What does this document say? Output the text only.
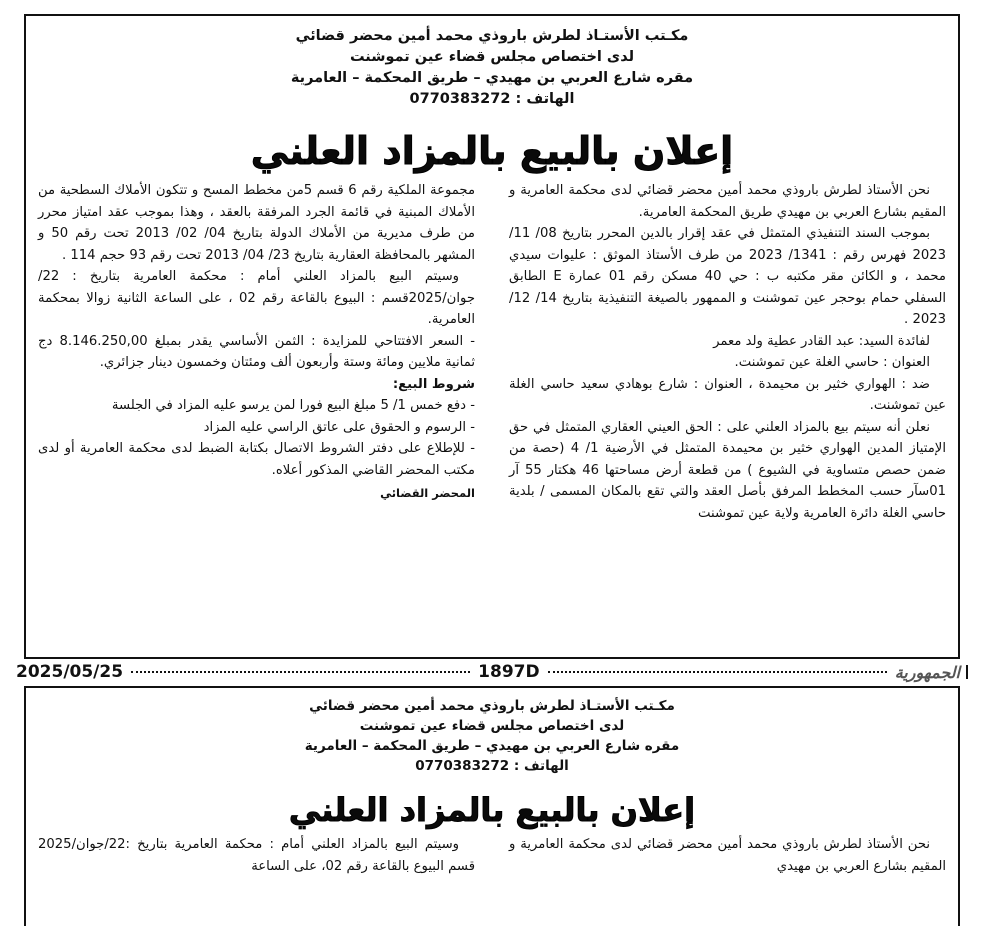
مكـتب الأستـاذ لطرش باروذي محمد أمين محضر قضائي
لدى اختصاص مجلس قضاء عين تموشنت
مقره شارع العربي بن مهيدي – طريق المحكمة – العامرية
الهاتف : 0770383272
إعلان بالبيع بالمزاد العلني

نحن الأستاذ لطرش باروذي محمد أمين محضر قضائي لدى محكمة العامرية و المقيم بشارع العربي بن مهيدي طريق المحكمة العامرية.

بموجب السند التنفيذي المتمثل في عقد إقرار بالدين المحرر بتاريخ 08/ 11/ 2023 فهرس رقم : 1341/ 2023 من طرف الأستاذ الموثق : عليوات سيدي محمد ، و الكائن مقر مكتبه ب : حي 40 مسكن رقم 01 عمارة E الطابق السفلي حمام بوحجر عين تموشنت و الممهور بالصيغة التنفيذية بتاريخ 14/ 12/ 2023 .

لفائدة السيد: عبد القادر عطية ولد معمر

العنوان : حاسي الغلة عين تموشنت.

ضد : الهواري خثير بن محيمدة ، العنوان : شارع بوهادي سعيد حاسي الغلة عين تموشنت.

نعلن أنه سيتم بيع بالمزاد العلني على : الحق العيني العقاري المتمثل في حق الإمتياز المدين الهواري خثير بن محيمدة المتمثل في الأرضية 1/ 4 (حصة من ضمن حصص متساوية في الشيوع ) من قطعة أرض مساحتها 46 هكتار 55 آر 01سآر حسب المخطط المرفق بأصل العقد والتي تقع بالمكان المسمى / بلدية حاسي الغلة دائرة العامرية ولاية عين تموشنت

مجموعة الملكية رقم 6 قسم 5من مخطط المسح و تتكون الأملاك السطحية من الأملاك المبنية في قائمة الجرد المرفقة بالعقد ، وهذا بموجب عقد امتياز محرر من طرف مديرية من الأملاك الدولة بتاريخ 04/ 02/ 2013 تحت رقم 50 و المشهر بالمحافظة العقارية بتاريخ 23/ 04/ 2013 تحت رقم 93 حجم 114 .

وسيتم البيع بالمزاد العلني أمام : محكمة العامرية بتاريخ : 22/جوان/2025قسم : البيوع بالقاعة رقم 02 ، على الساعة الثانية زوالا بمحكمة العامرية.

- السعر الافتتاحي للمزايدة : الثمن الأساسي يقدر بمبلغ 8.146.250,00 دج ثمانية ملايين ومائة وستة وأربعون ألف ومئتان وخمسون دينار جزائري.

شروط البيع:

- دفع خمس 1/ 5 مبلغ البيع فورا لمن يرسو عليه المزاد في الجلسة

- الرسوم و الحقوق على عاتق الراسي عليه المزاد

- للإطلاع على دفتر الشروط الاتصال بكتابة الضبط لدى محكمة العامرية أو لدى مكتب المحضر القاضي المذكور أعلاه.

المحضر القضائي

2025/05/25	1897D	الجمهورية
مكـتب الأستـاذ لطرش باروذي محمد أمين محضر قضائي
لدى اختصاص مجلس قضاء عين تموشنت
مقره شارع العربي بن مهيدي – طريق المحكمة – العامرية
الهاتف : 0770383272
إعلان بالبيع بالمزاد العلني

نحن الأستاذ لطرش باروذي محمد أمين محضر قضائي لدى محكمة العامرية و المقيم بشارع العربي بن مهيدي

وسيتم البيع بالمزاد العلني أمام : محكمة العامرية بتاريخ :22/جوان/2025 قسم البيوع بالقاعة رقم 02، على الساعة
